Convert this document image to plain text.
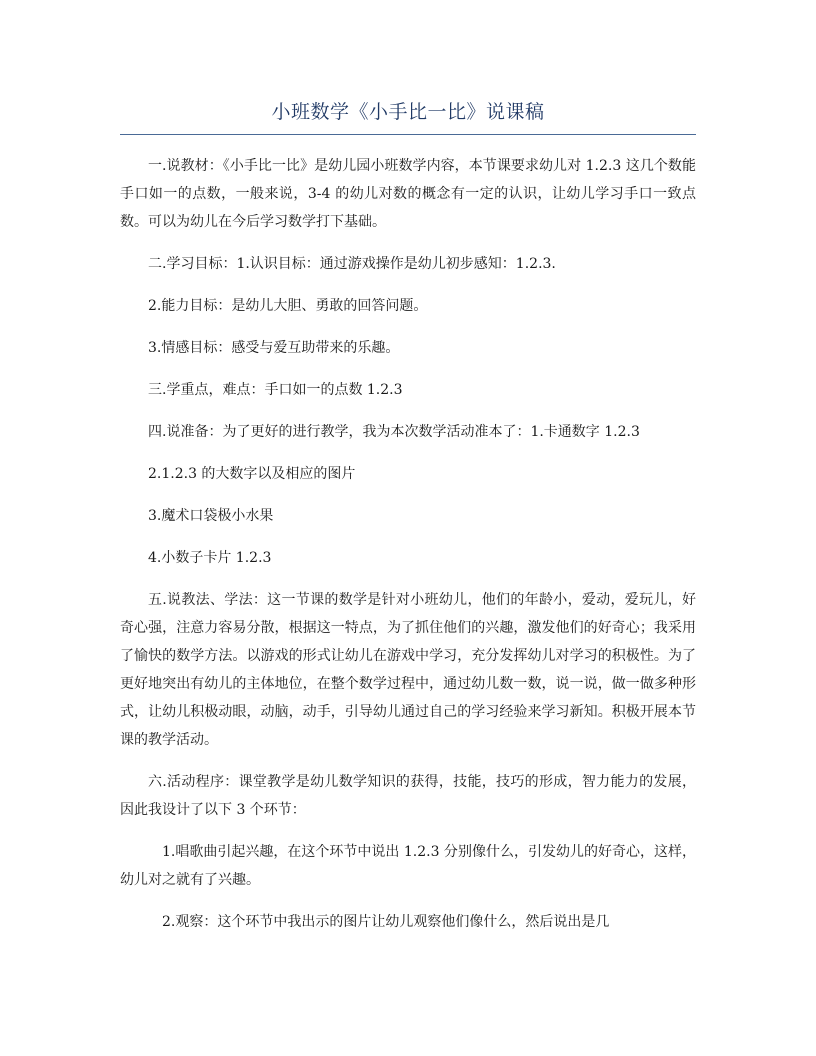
小班数学《小手比一比》说课稿

一.说教材：《小手比一比》是幼儿园小班数学内容，本节课要求幼儿对 1.2.3 这几个数能手口如一的点数，一般来说，3-4 的幼儿对数的概念有一定的认识，让幼儿学习手口一致点数。可以为幼儿在今后学习数学打下基础。

二.学习目标：1.认识目标：通过游戏操作是幼儿初步感知：1.2.3.

2.能力目标：是幼儿大胆、勇敢的回答问题。

3.情感目标：感受与爱互助带来的乐趣。

三.学重点，难点：手口如一的点数 1.2.3

四.说准备：为了更好的进行教学，我为本次数学活动准本了：1.卡通数字 1.2.3

2.1.2.3 的大数字以及相应的图片

3.魔术口袋极小水果

4.小数子卡片 1.2.3

五.说教法、学法：这一节课的数学是针对小班幼儿，他们的年龄小，爱动，爱玩儿，好奇心强，注意力容易分散，根据这一特点，为了抓住他们的兴趣，激发他们的好奇心；我采用了愉快的数学方法。以游戏的形式让幼儿在游戏中学习，充分发挥幼儿对学习的积极性。为了更好地突出有幼儿的主体地位，在整个数学过程中，通过幼儿数一数，说一说，做一做多种形式，让幼儿积极动眼，动脑，动手，引导幼儿通过自己的学习经验来学习新知。积极开展本节课的教学活动。

六.活动程序：课堂教学是幼儿数学知识的获得，技能，技巧的形成，智力能力的发展，因此我设计了以下 3 个环节：

1.唱歌曲引起兴趣，在这个环节中说出 1.2.3 分别像什么，引发幼儿的好奇心，这样，幼儿对之就有了兴趣。

2.观察：这个环节中我出示的图片让幼儿观察他们像什么，然后说出是几
